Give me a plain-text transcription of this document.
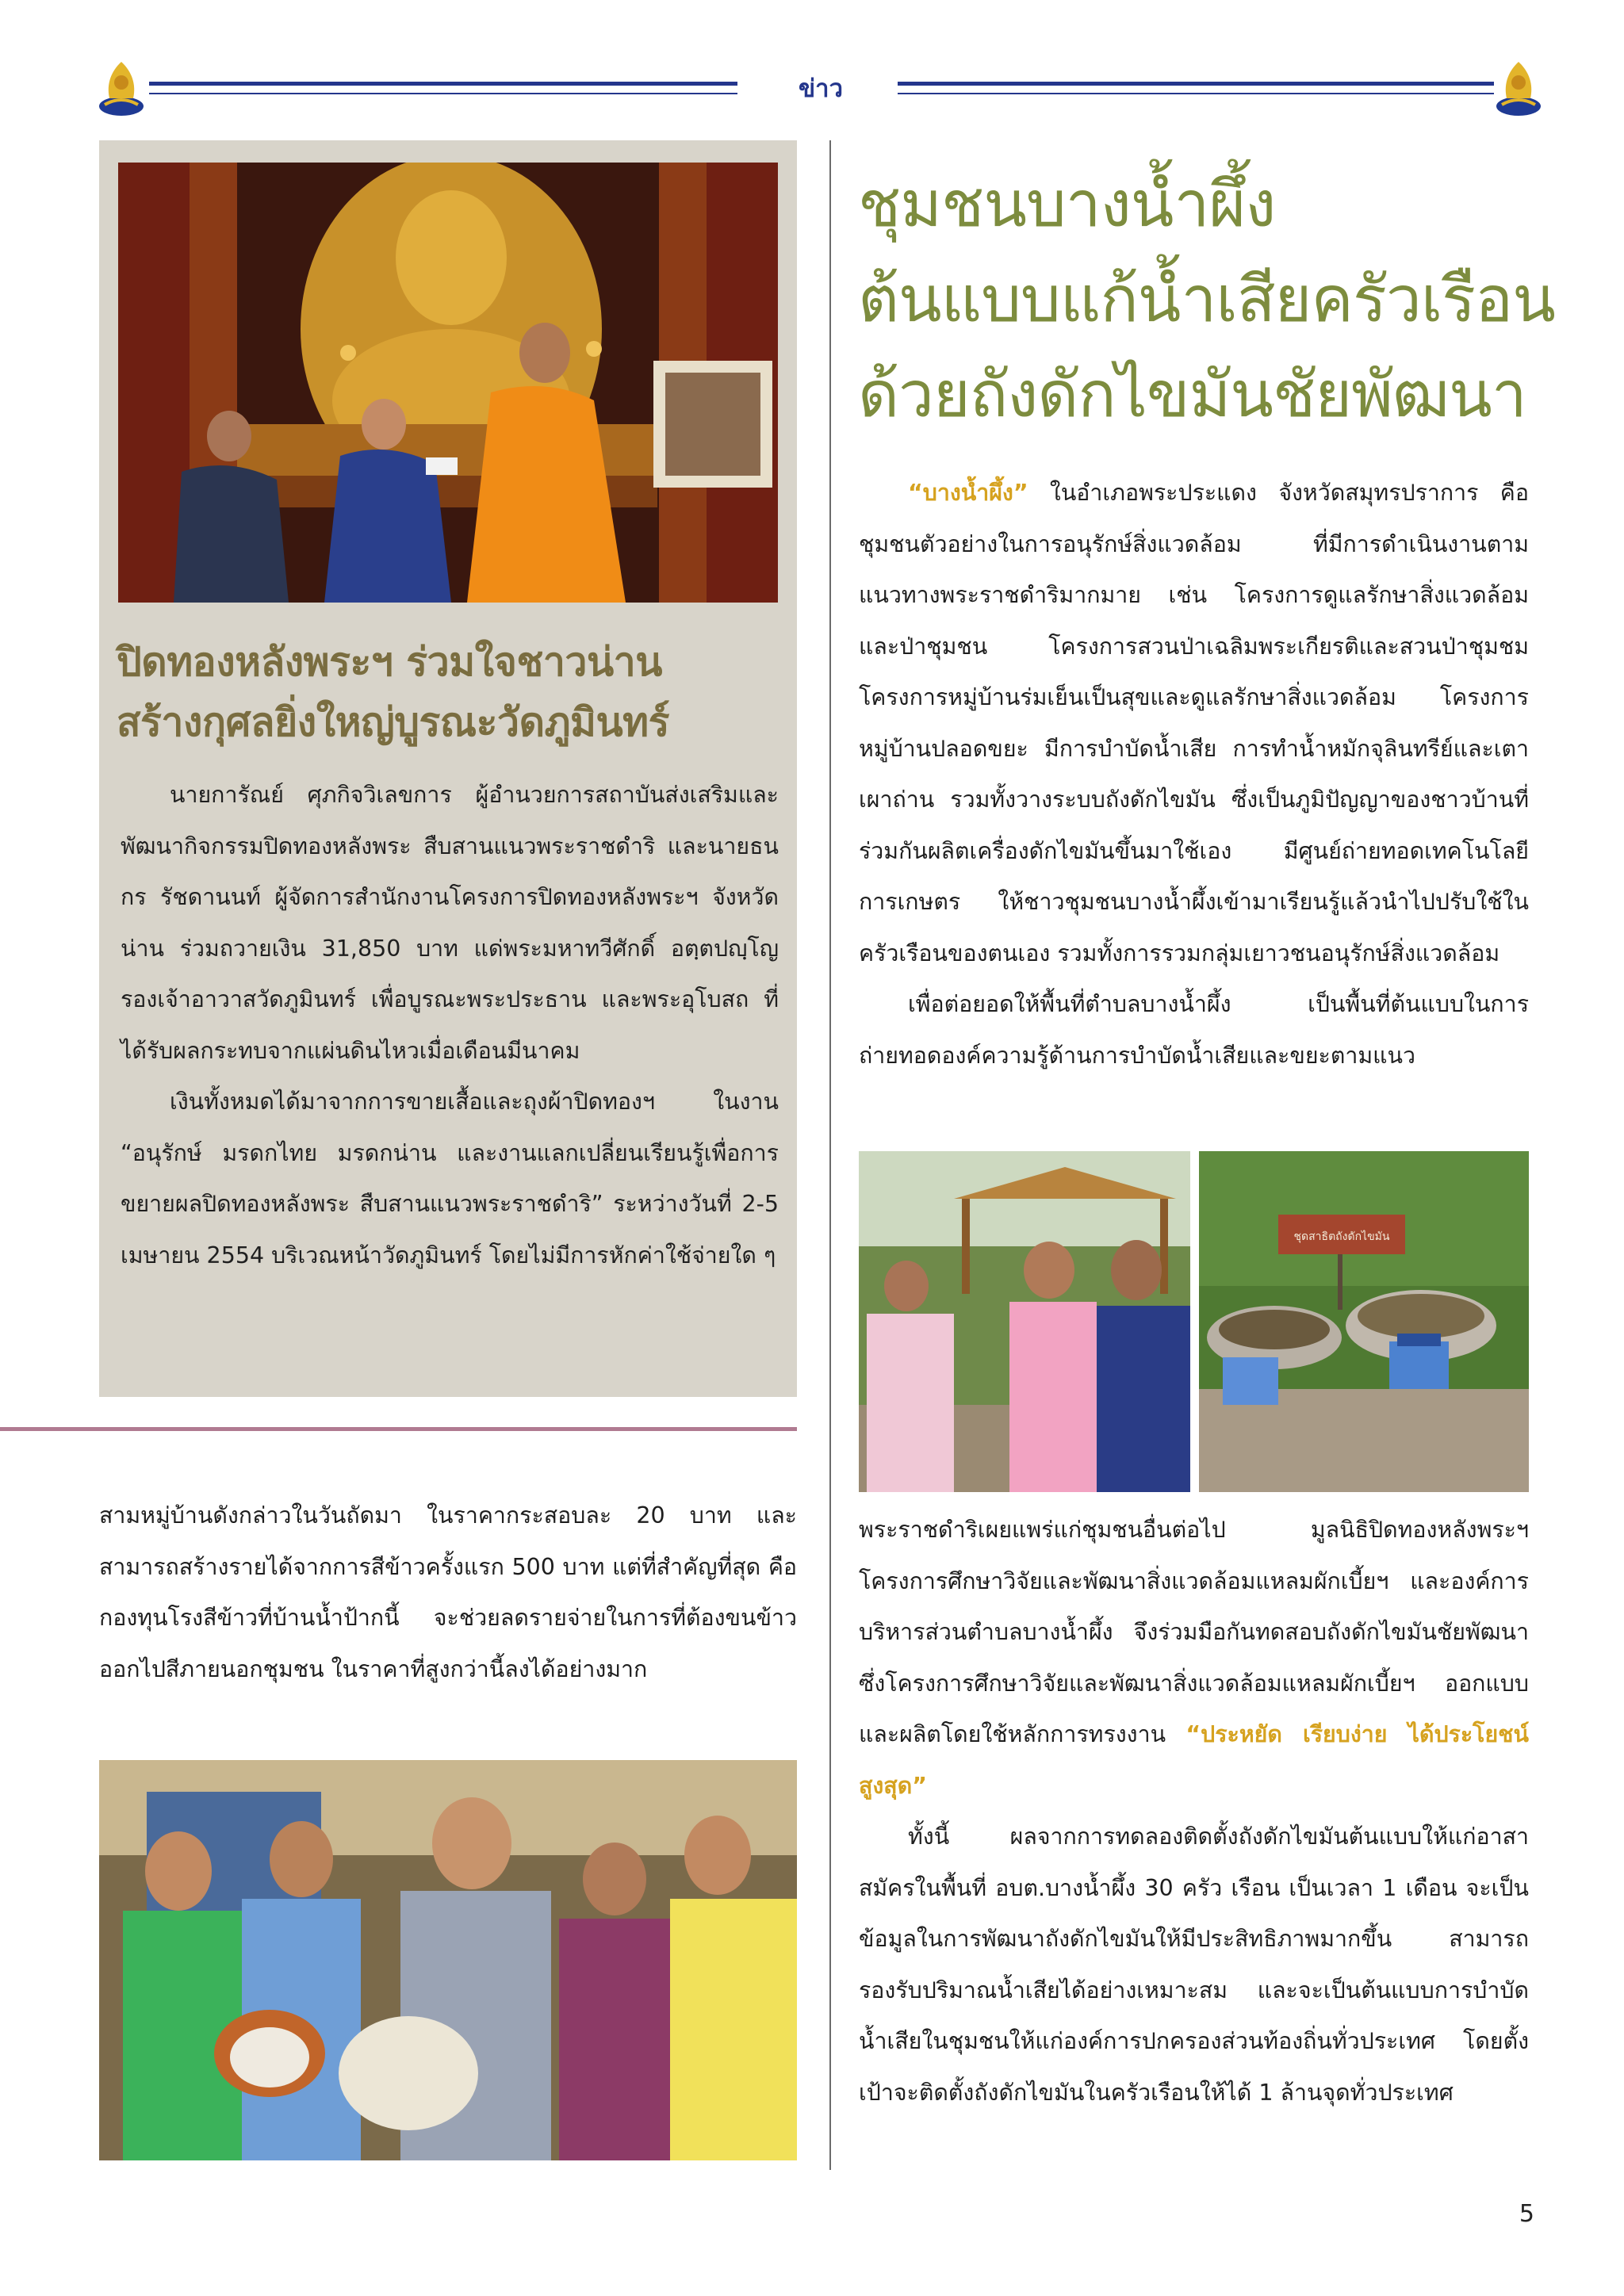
ข่าว
ปิดทองหลังพระฯ ร่วมใจชาวน่าน
สร้างกุศลยิ่งใหญ่บูรณะวัดภูมินทร์

นายการัณย์ ศุภกิจวิเลขการ ผู้อำนวยการสถาบันส่งเสริมและพัฒนากิจกรรมปิดทองหลังพระ สืบสานแนวพระราชดำริ และนายธนกร รัชดานนท์ ผู้จัดการสำนักงานโครงการปิดทองหลังพระฯ จังหวัดน่าน ร่วมถวายเงิน 31,850 บาท แด่พระมหาทวีศักดิ์ อตฺตปญฺโญ รองเจ้าอาวาสวัดภูมินทร์ เพื่อบูรณะพระประธาน และพระอุโบสถ ที่ได้รับผลกระทบจากแผ่นดินไหวเมื่อเดือนมีนาคม

เงินทั้งหมดได้มาจากการขายเสื้อและถุงผ้าปิดทองฯ ในงาน “อนุรักษ์ มรดกไทย มรดกน่าน และงานแลกเปลี่ยนเรียนรู้เพื่อการขยายผลปิดทองหลังพระ สืบสานแนวพระราชดำริ” ระหว่างวันที่ 2-5 เมษายน 2554 บริเวณหน้าวัดภูมินทร์ โดยไม่มีการหักค่าใช้จ่ายใด ๆ

สามหมู่บ้านดังกล่าวในวันถัดมา ในราคากระสอบละ 20 บาท และสามารถสร้างรายได้จากการสีข้าวครั้งแรก 500 บาท แต่ที่สำคัญที่สุด คือ กองทุนโรงสีข้าวที่บ้านน้ำป้ากนี้ จะช่วยลดรายจ่ายในการที่ต้องขนข้าวออกไปสีภายนอกชุมชน ในราคาที่สูงกว่านี้ลงได้อย่างมาก
ชุมชนบางน้ำผึ้ง
ต้นแบบแก้น้ำเสียครัวเรือน
ด้วยถังดักไขมันชัยพัฒนา

“บางน้ำผึ้ง” ในอำเภอพระประแดง จังหวัดสมุทรปราการ คือชุมชนตัวอย่างในการอนุรักษ์สิ่งแวดล้อม ที่มีการดำเนินงานตามแนวทางพระราชดำริมากมาย เช่น โครงการดูแลรักษาสิ่งแวดล้อมและป่าชุมชน โครงการสวนป่าเฉลิมพระเกียรติและสวนป่าชุมชม โครงการหมู่บ้านร่มเย็นเป็นสุขและดูแลรักษาสิ่งแวดล้อม โครงการหมู่บ้านปลอดขยะ มีการบำบัดน้ำเสีย การทำน้ำหมักจุลินทรีย์และเตาเผาถ่าน รวมทั้งวางระบบถังดักไขมัน ซึ่งเป็นภูมิปัญญาของชาวบ้านที่ร่วมกันผลิตเครื่องดักไขมันขึ้นมาใช้เอง มีศูนย์ถ่ายทอดเทคโนโลยีการเกษตร ให้ชาวชุมชนบางน้ำผึ้งเข้ามาเรียนรู้แล้วนำไปปรับใช้ในครัวเรือนของตนเอง รวมทั้งการรวมกลุ่มเยาวชนอนุรักษ์สิ่งแวดล้อม

เพื่อต่อยอดให้พื้นที่ตำบลบางน้ำผึ้ง เป็นพื้นที่ต้นแบบในการถ่ายทอดองค์ความรู้ด้านการบำบัดน้ำเสียและขยะตามแนว

ชุดสาธิตถังดักไขมัน

พระราชดำริเผยแพร่แก่ชุมชนอื่นต่อไป มูลนิธิปิดทองหลังพระฯ โครงการศึกษาวิจัยและพัฒนาสิ่งแวดล้อมแหลมผักเบี้ยฯ และองค์การบริหารส่วนตำบลบางน้ำผึ้ง จึงร่วมมือกันทดสอบถังดักไขมันชัยพัฒนา ซึ่งโครงการศึกษาวิจัยและพัฒนาสิ่งแวดล้อมแหลมผักเบี้ยฯ ออกแบบและผลิตโดยใช้หลักการทรงงาน “ประหยัด เรียบง่าย ได้ประโยชน์สูงสุด”

ทั้งนี้ ผลจากการทดลองติดตั้งถังดักไขมันต้นแบบให้แก่อาสาสมัครในพื้นที่ อบต.บางน้ำผึ้ง 30 ครัว เรือน เป็นเวลา 1 เดือน จะเป็นข้อมูลในการพัฒนาถังดักไขมันให้มีประสิทธิภาพมากขึ้น สามารถรองรับปริมาณน้ำเสียได้อย่างเหมาะสม และจะเป็นต้นแบบการบำบัดน้ำเสียในชุมชนให้แก่องค์การปกครองส่วนท้องถิ่นทั่วประเทศ โดยตั้งเป้าจะติดตั้งถังดักไขมันในครัวเรือนให้ได้ 1 ล้านจุดทั่วประเทศ

5
